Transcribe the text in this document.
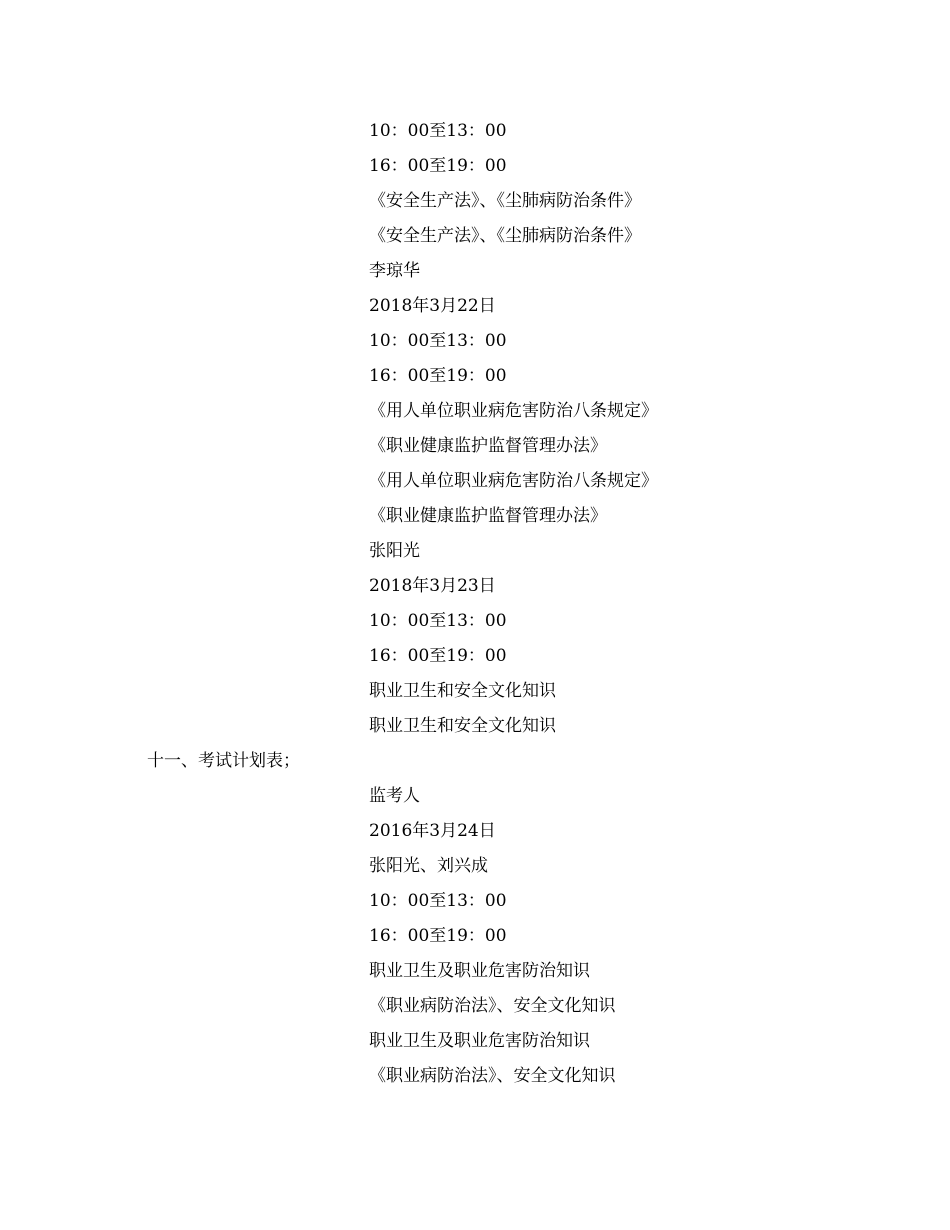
10：00至13：00
16：00至19：00
《安全生产法》、《尘肺病防治条件》
《安全生产法》、《尘肺病防治条件》
李琼华
2018年3月22日
10：00至13：00
16：00至19：00
《用人单位职业病危害防治八条规定》
《职业健康监护监督管理办法》
《用人单位职业病危害防治八条规定》
《职业健康监护监督管理办法》
张阳光
2018年3月23日
10：00至13：00
16：00至19：00
职业卫生和安全文化知识
职业卫生和安全文化知识
十一、考试计划表；
监考人
2016年3月24日
张阳光、刘兴成
10：00至13：00
16：00至19：00
职业卫生及职业危害防治知识
《职业病防治法》、安全文化知识
职业卫生及职业危害防治知识
《职业病防治法》、安全文化知识
